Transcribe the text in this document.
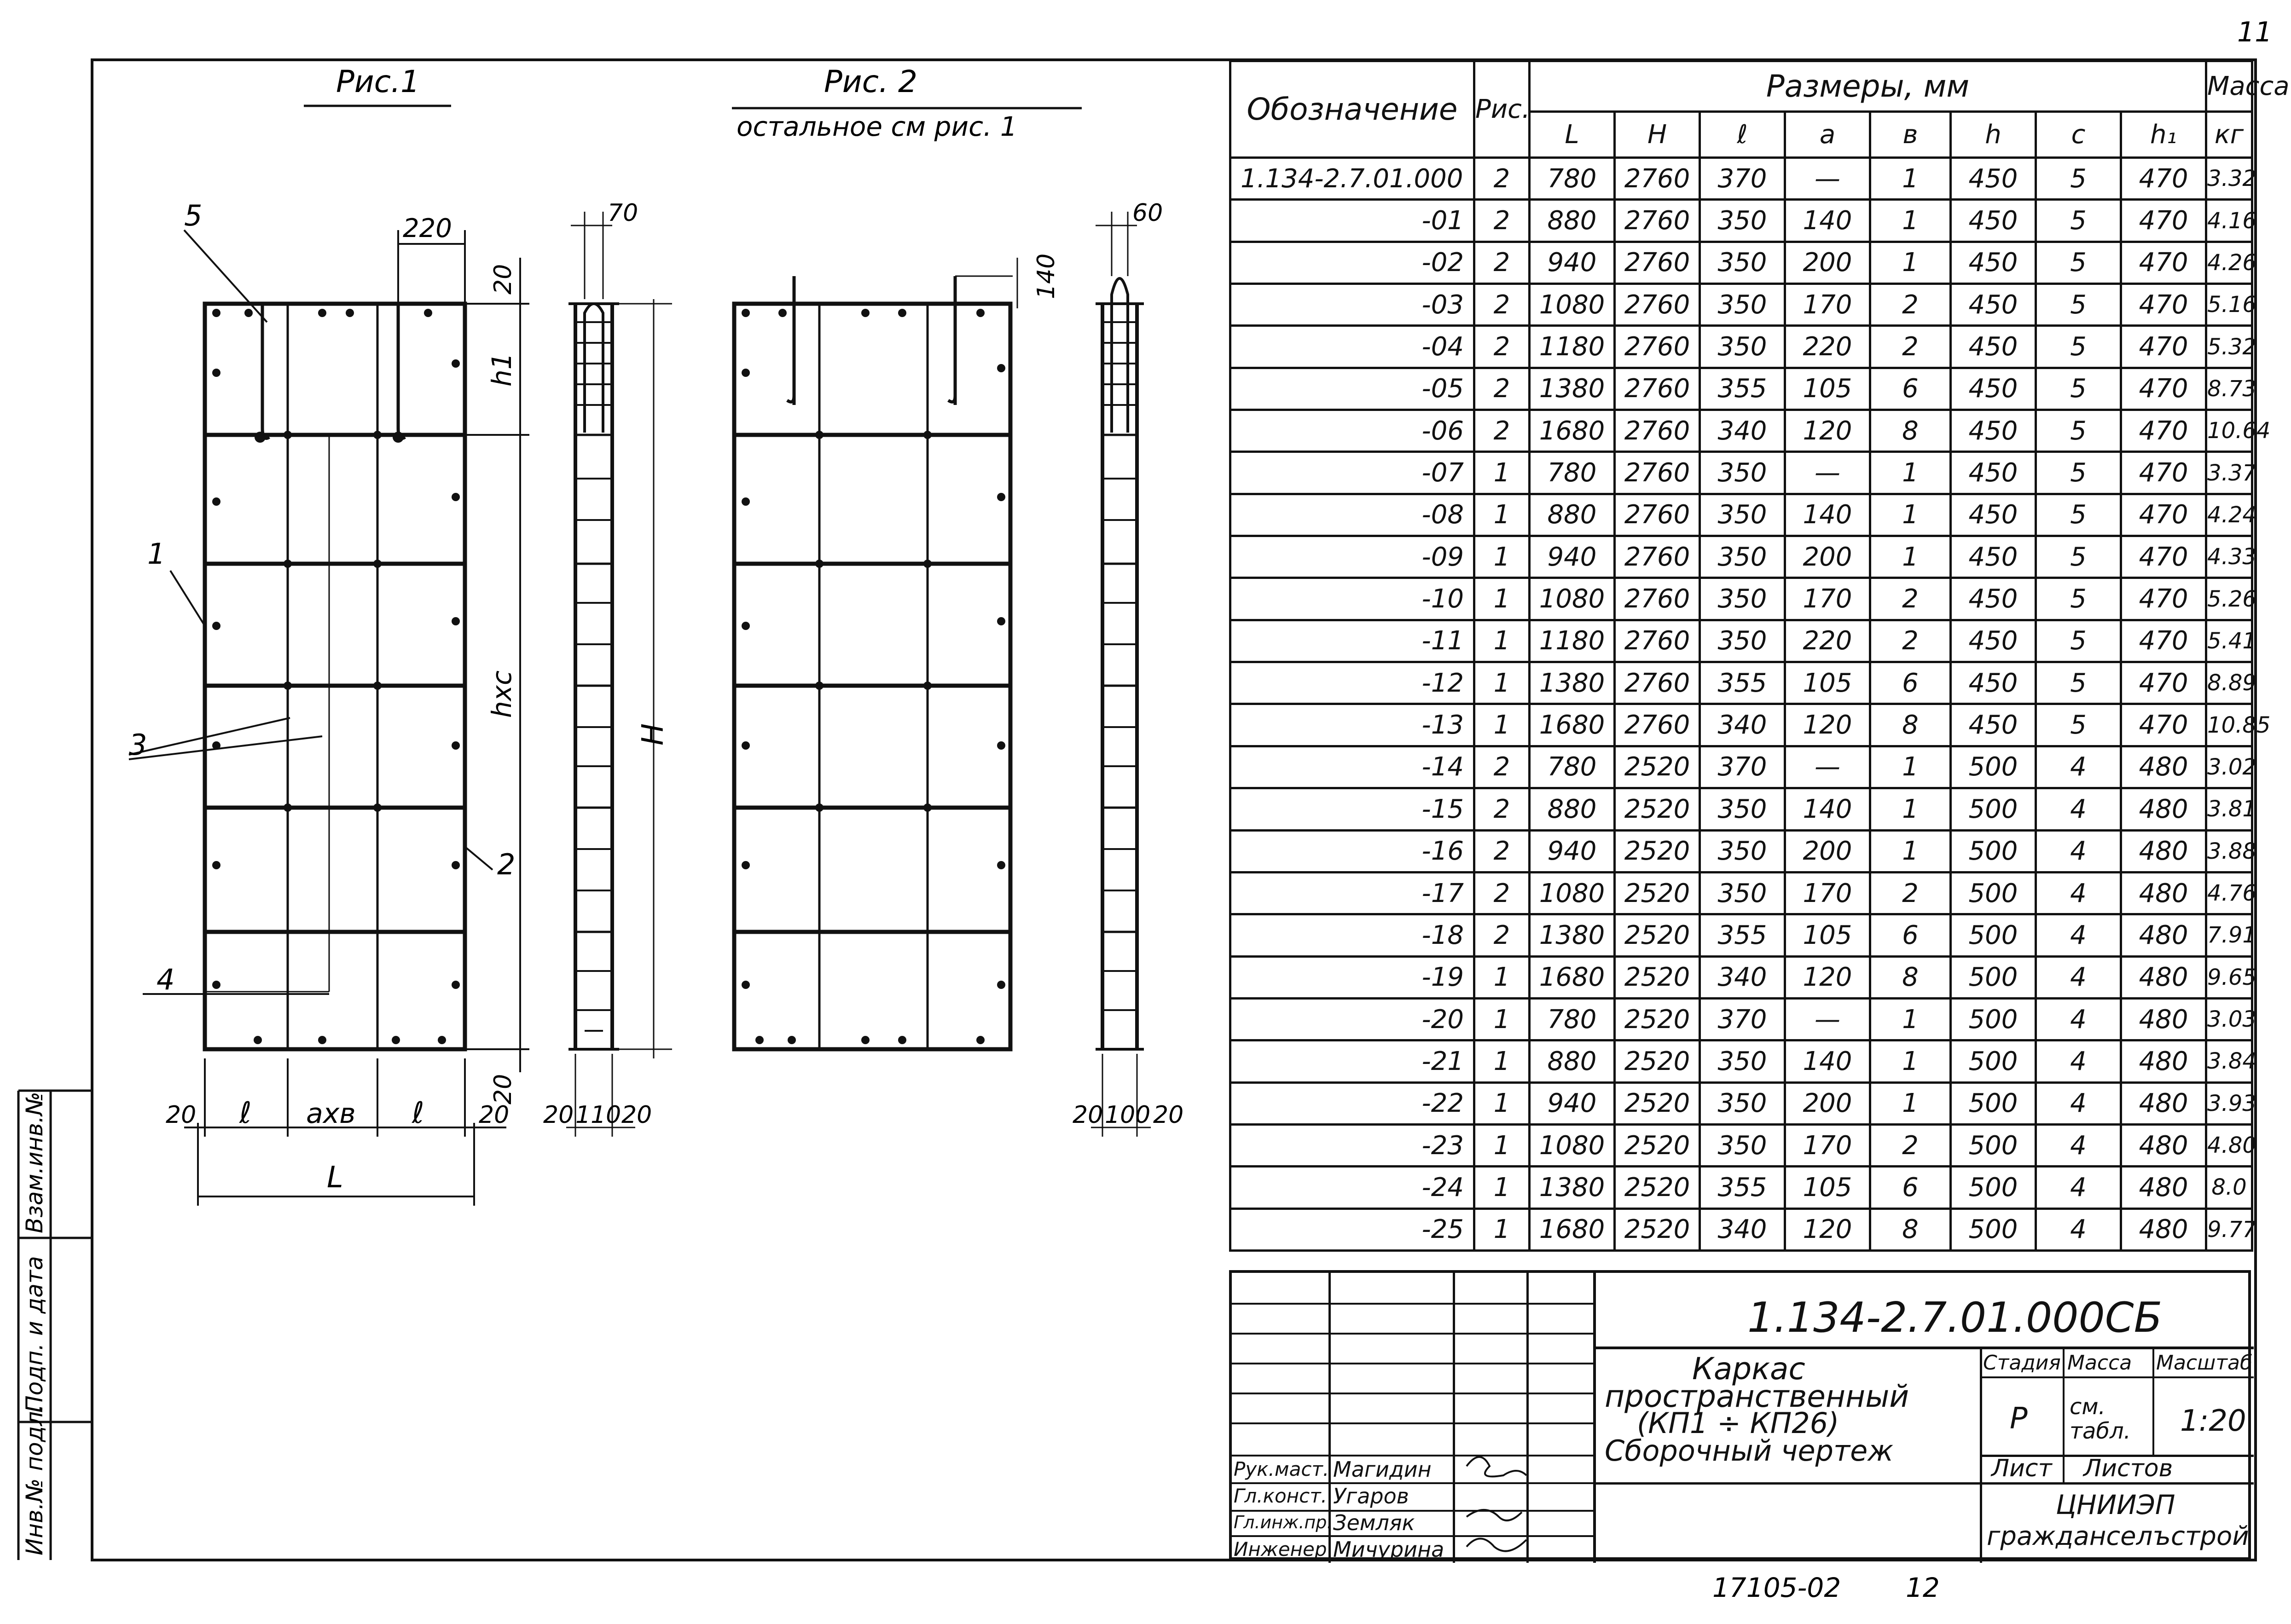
Инв.№ подл.
Подп. и дата
Взам.инв.№
11
Рис.1	Рис. 2
остальное см рис. 1
5
1
3
2
4
220
20
h1
hxc
20
20 ℓ axв ℓ 20
L
70
H
20 110 20
140
60
20 100 20
17105-02 12
Обозначение	Рис.	Размеры, мм								Масса
		L	H	ℓ	a	в	h	c	h₁	кг
1.134-2.7.01.000	2	780	2760	370	—	1	450	5	470	3.32
-01	2	880	2760	350	140	1	450	5	470	4.16
-02	2	940	2760	350	200	1	450	5	470	4.26
-03	2	1080	2760	350	170	2	450	5	470	5.16
-04	2	1180	2760	350	220	2	450	5	470	5.32
-05	2	1380	2760	355	105	6	450	5	470	8.73
-06	2	1680	2760	340	120	8	450	5	470	10.64
-07	1	780	2760	350	—	1	450	5	470	3.37
-08	1	880	2760	350	140	1	450	5	470	4.24
-09	1	940	2760	350	200	1	450	5	470	4.33
-10	1	1080	2760	350	170	2	450	5	470	5.26
-11	1	1180	2760	350	220	2	450	5	470	5.41
-12	1	1380	2760	355	105	6	450	5	470	8.89
-13	1	1680	2760	340	120	8	450	5	470	10.85
-14	2	780	2520	370	—	1	500	4	480	3.02
-15	2	880	2520	350	140	1	500	4	480	3.81
-16	2	940	2520	350	200	1	500	4	480	3.88
-17	2	1080	2520	350	170	2	500	4	480	4.76
-18	2	1380	2520	355	105	6	500	4	480	7.91
-19	1	1680	2520	340	120	8	500	4	480	9.65
-20	1	780	2520	370	—	1	500	4	480	3.03
-21	1	880	2520	350	140	1	500	4	480	3.84
-22	1	940	2520	350	200	1	500	4	480	3.93
-23	1	1080	2520	350	170	2	500	4	480	4.80
-24	1	1380	2520	355	105	6	500	4	480	8.0
-25	1	1680	2520	340	120	8	500	4	480	9.77
1.134-2.7.01.000СБ
Каркас
пространственный
(КП1 ÷ КП26)
Сборочный чертеж
Стадия Масса Масштаб
Р см. табл.	1:20
Лист Листов
ЦНИИЭП
гражданселъстрой
Рук.маст. Магидин
Гл.конст. Угаров
Гл.инж.пр. Земляк
Инженер Мичурина
